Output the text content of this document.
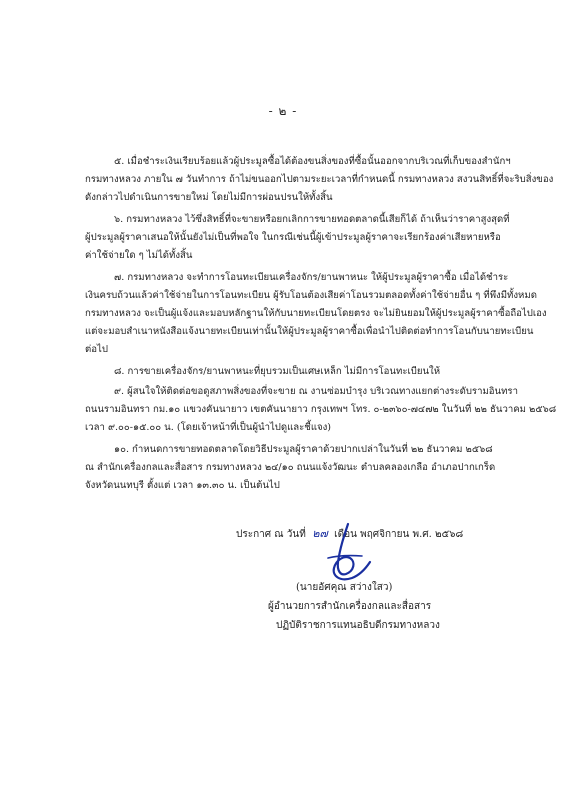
- ๒ -
๕. เมื่อชำระเงินเรียบร้อยแล้วผู้ประมูลซื้อได้ต้องขนสิ่งของที่ซื้อนั้นออกจากบริเวณที่เก็บของสำนักฯ
กรมทางหลวง ภายใน ๗ วันทำการ ถ้าไม่ขนออกไปตามระยะเวลาที่กำหนดนี้ กรมทางหลวง สงวนสิทธิ์ที่จะริบสิ่งของ
ดังกล่าวไปดำเนินการขายใหม่ โดยไม่มีการผ่อนปรนให้ทั้งสิ้น
๖. กรมทางหลวง ไว้ซึ่งสิทธิ์ที่จะขายหรือยกเลิกการขายทอดตลาดนี้เสียก็ได้ ถ้าเห็นว่าราคาสูงสุดที่
ผู้ประมูลผู้ราคาเสนอให้นั้นยังไม่เป็นที่พอใจ ในกรณีเช่นนี้ผู้เข้าประมูลผู้ราคาจะเรียกร้องค่าเสียหายหรือ
ค่าใช้จ่ายใด ๆ ไม่ได้ทั้งสิ้น
๗. กรมทางหลวง จะทำการโอนทะเบียนเครื่องจักร/ยานพาหนะ ให้ผู้ประมูลผู้ราคาซื้อ เมื่อได้ชำระ
เงินครบถ้วนแล้วค่าใช้จ่ายในการโอนทะเบียน ผู้รับโอนต้องเสียค่าโอนรวมตลอดทั้งค่าใช้จ่ายอื่น ๆ ที่พึงมีทั้งหมด
กรมทางหลวง จะเป็นผู้แจ้งและมอบหลักฐานให้กับนายทะเบียนโดยตรง จะไม่ยินยอมให้ผู้ประมูลผู้ราคาซื้อถือไปเอง
แต่จะมอบสำเนาหนังสือแจ้งนายทะเบียนเท่านั้นให้ผู้ประมูลผู้ราคาซื้อเพื่อนำไปติดต่อทำการโอนกับนายทะเบียน
ต่อไป
๘. การขายเครื่องจักร/ยานพาหนะที่ยุบรวมเป็นเศษเหล็ก ไม่มีการโอนทะเบียนให้
๙. ผู้สนใจให้ติดต่อขอดูสภาพสิ่งของที่จะขาย ณ งานซ่อมบำรุง บริเวณทางแยกต่างระดับรามอินทรา
ถนนรามอินทรา กม.๑๐ แขวงคันนายาว เขตคันนายาว กรุงเทพฯ โทร. ๐-๒๓๖๐-๗๔๗๒ ในวันที่ ๒๒ ธันวาคม ๒๕๖๘
เวลา ๙.๐๐-๑๕.๐๐ น. (โดยเจ้าหน้าที่เป็นผู้นำไปดูและชี้แจง)
๑๐. กำหนดการขายทอดตลาดโดยวิธีประมูลผู้ราคาด้วยปากเปล่าในวันที่ ๒๒ ธันวาคม ๒๕๖๘
ณ สำนักเครื่องกลและสื่อสาร กรมทางหลวง ๒๔/๑๐ ถนนแจ้งวัฒนะ ตำบลคลองเกลือ อำเภอปากเกร็ด
จังหวัดนนทบุรี ตั้งแต่ เวลา ๑๓.๓๐ น. เป็นต้นไป
ประกาศ ณ วันที่ ๒๗ เดือน พฤศจิกายน พ.ศ. ๒๕๖๘
(นายอัศคุณ สว่างใสว)
ผู้อำนวยการสำนักเครื่องกลและสื่อสาร
ปฏิบัติราชการแทนอธิบดีกรมทางหลวง
